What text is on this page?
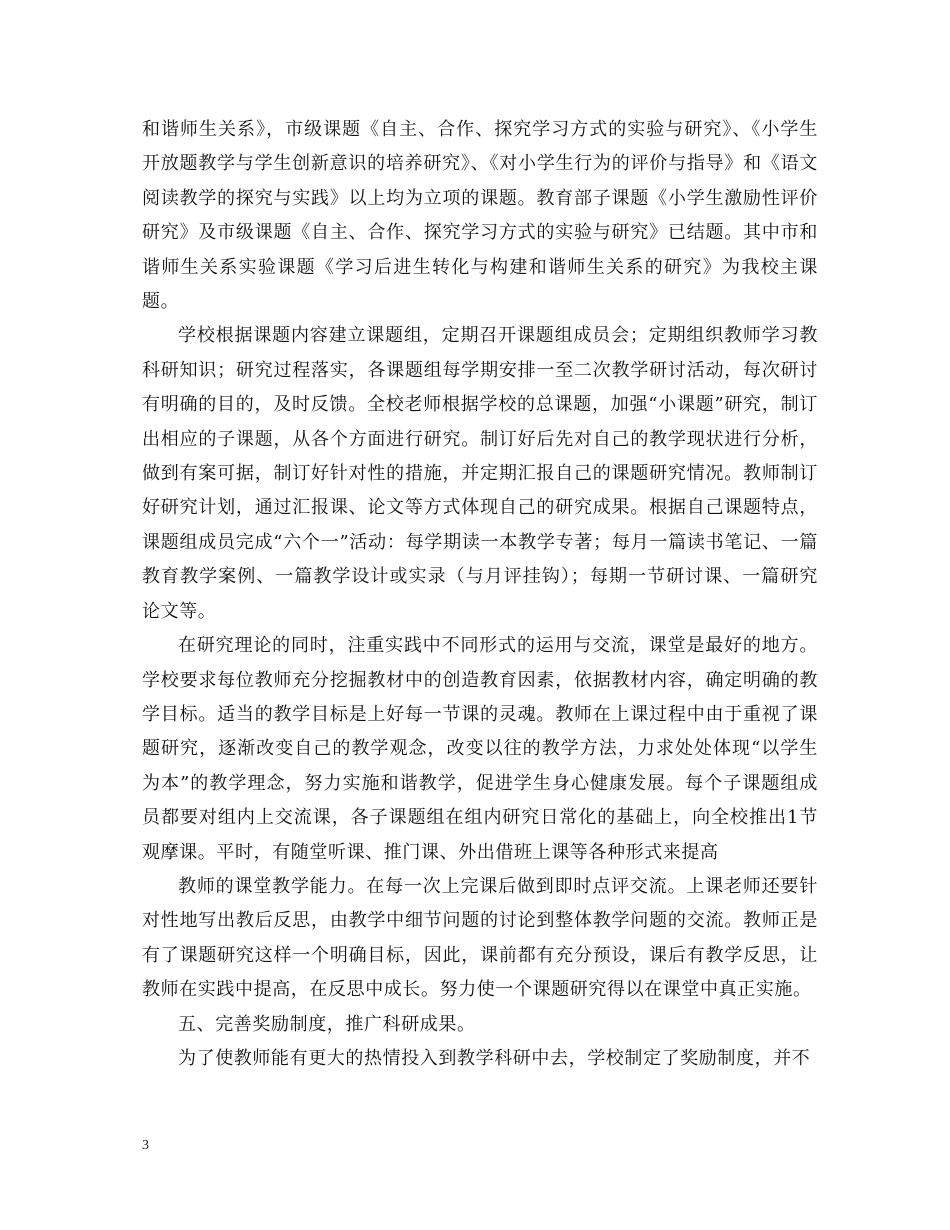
和谐师生关系》，市级课题《自主、合作、探究学习方式的实验与研究》、《小学生开放题教学与学生创新意识的培养研究》、《对小学生行为的评价与指导》和《语文阅读教学的探究与实践》以上均为立项的课题。教育部子课题《小学生激励性评价研究》及市级课题《自主、合作、探究学习方式的实验与研究》已结题。其中市和谐师生关系实验课题《学习后进生转化与构建和谐师生关系的研究》为我校主课题。

学校根据课题内容建立课题组，定期召开课题组成员会；定期组织教师学习教科研知识；研究过程落实，各课题组每学期安排一至二次教学研讨活动，每次研讨有明确的目的，及时反馈。全校老师根据学校的总课题，加强“小课题”研究，制订出相应的子课题，从各个方面进行研究。制订好后先对自己的教学现状进行分析，做到有案可据，制订好针对性的措施，并定期汇报自己的课题研究情况。教师制订好研究计划，通过汇报课、论文等方式体现自己的研究成果。根据自己课题特点，课题组成员完成“六个一”活动：每学期读一本教学专著；每月一篇读书笔记、一篇教育教学案例、一篇教学设计或实录（与月评挂钩）；每期一节研讨课、一篇研究论文等。

在研究理论的同时，注重实践中不同形式的运用与交流，课堂是最好的地方。学校要求每位教师充分挖掘教材中的创造教育因素，依据教材内容，确定明确的教学目标。适当的教学目标是上好每一节课的灵魂。教师在上课过程中由于重视了课题研究，逐渐改变自己的教学观念，改变以往的教学方法，力求处处体现“以学生为本”的教学理念，努力实施和谐教学，促进学生身心健康发展。每个子课题组成员都要对组内上交流课，各子课题组在组内研究日常化的基础上，向全校推出1节观摩课。平时，有随堂听课、推门课、外出借班上课等各种形式来提高

教师的课堂教学能力。在每一次上完课后做到即时点评交流。上课老师还要针对性地写出教后反思，由教学中细节问题的讨论到整体教学问题的交流。教师正是有了课题研究这样一个明确目标，因此，课前都有充分预设，课后有教学反思，让教师在实践中提高，在反思中成长。努力使一个课题研究得以在课堂中真正实施。

五、完善奖励制度，推广科研成果。

为了使教师能有更大的热情投入到教学科研中去，学校制定了奖励制度，并不

3
